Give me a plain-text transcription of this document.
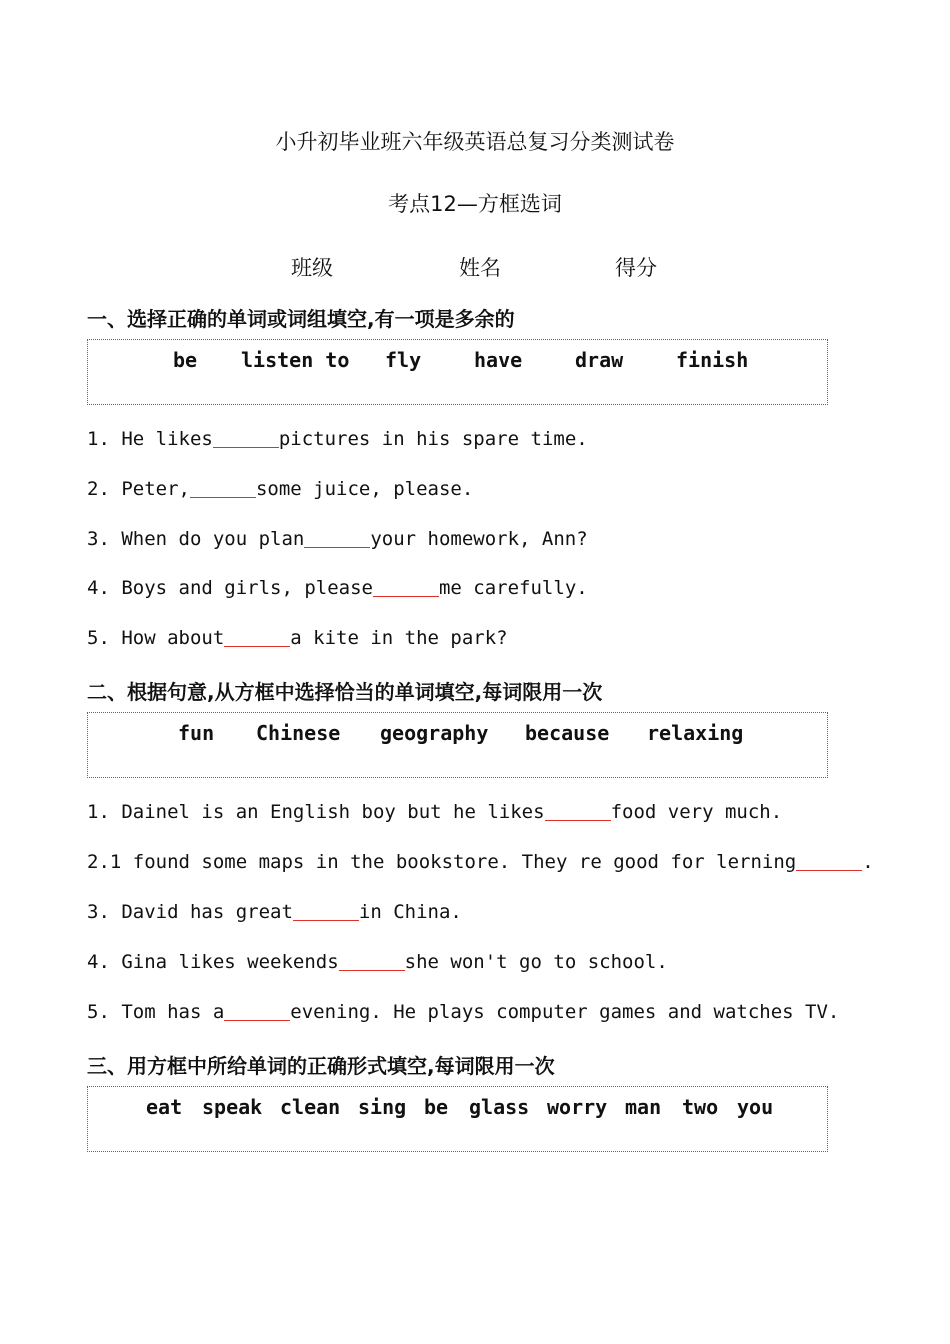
小升初毕业班六年级英语总复习分类测试卷
考点12—方框选词
班级	姓名	得分
一、选择正确的单词或词组填空,有一项是多余的
be listen to fly	have	draw	finish
1. He likes	pictures in his spare time.
2. Peter,	some juice, please.
3. When do you plan	your homework, Ann?
4. Boys and girls, please	me carefully.
5. How about	a kite in the park?
二、根据句意,从方框中选择恰当的单词填空,每词限用一次
fun Chinese geography because relaxing
1. Dainel is an English boy but he likes	food very much.
2.1 found some maps in the bookstore. They re good for lerning	.
3. David has great	in China.
4. Gina likes weekends	she won't go to school.
5. Tom has a	evening. He plays computer games and watches TV.
三、用方框中所给单词的正确形式填空,每词限用一次
eat speak clean sing be glass worry man two you
